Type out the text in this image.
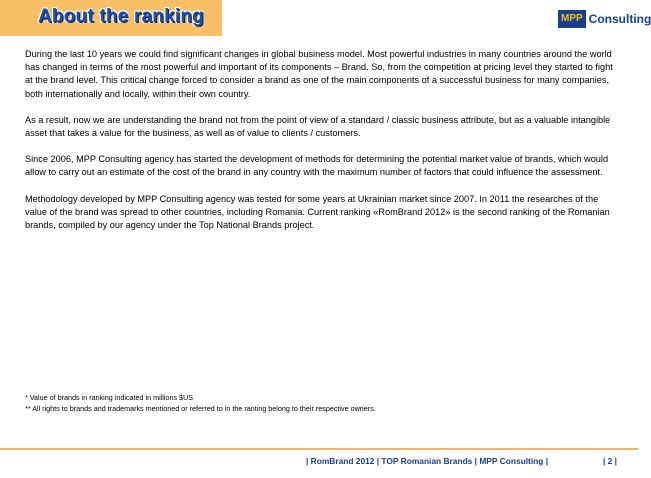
About the ranking	MPP Consulting

During the last 10 years we could find significant changes in global business model. Most powerful industries in many countries around the world has changed in terms of the most powerful and important of its components – Brand. So, from the competition at pricing level they started to fight at the brand level. This critical change forced to consider a brand as one of the main components of a successful business for many companies, both internationally and locally, within their own country.

As a result, now we are understanding the brand not from the point of view of a standard / classic business attribute, but as a valuable intangible asset that takes a value for the business, as well as of value to clients / customers.

Since 2006, MPP Consulting agency has started the development of methods for determining the potential market value of brands, which would allow to carry out an estimate of the cost of the brand in any country with the maximum number of factors that could influence the assessment.

Methodology developed by MPP Consulting agency was tested for some years at Ukrainian market since 2007. In 2011 the researches of the value of the brand was spread to other countries, including Romania. Current ranking «RomBrand 2012» is the second ranking of the Romanian brands, compiled by our agency under the Top National Brands project.

* Value of brands in ranking indicated in millions $US
** All rights to brands and trademarks mentioned or referred to in the ranting belong to their respective owners.
| RomBrand 2012 | TOP Romanian Brands | MPP Consulting |	| 2 |
